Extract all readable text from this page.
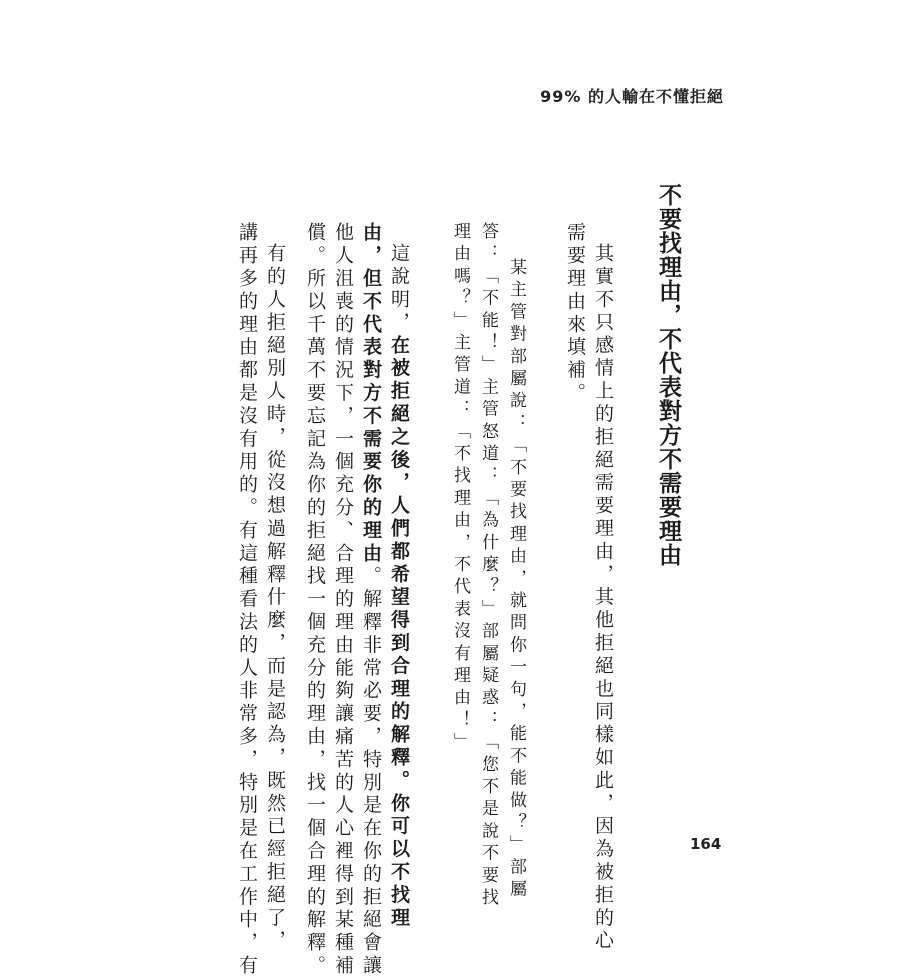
99% 的人輸在不懂拒絕
不要找理由，不代表對方不需要理由
其實不只感情上的拒絕需要理由，其他拒絕也同樣如此，因為被拒的心
需要理由來填補。
某主管對部屬說：「不要找理由，就問你一句，能不能做？」部屬
答：「不能！」主管怒道：「為什麼？」部屬疑惑：「您不是說不要找
理由嗎？」主管道：「不找理由，不代表沒有理由！」
這說明，在被拒絕之後，人們都希望得到合理的解釋。你可以不找理
由，但不代表對方不需要你的理由。解釋非常必要，特別是在你的拒絕會讓
他人沮喪的情況下，一個充分、合理的理由能夠讓痛苦的人心裡得到某種補
償。所以千萬不要忘記為你的拒絕找一個充分的理由，找一個合理的解釋。
有的人拒絕別人時，從沒想過解釋什麼，而是認為，既然已經拒絕了，
講再多的理由都是沒有用的。有這種看法的人非常多，特別是在工作中，有	164
